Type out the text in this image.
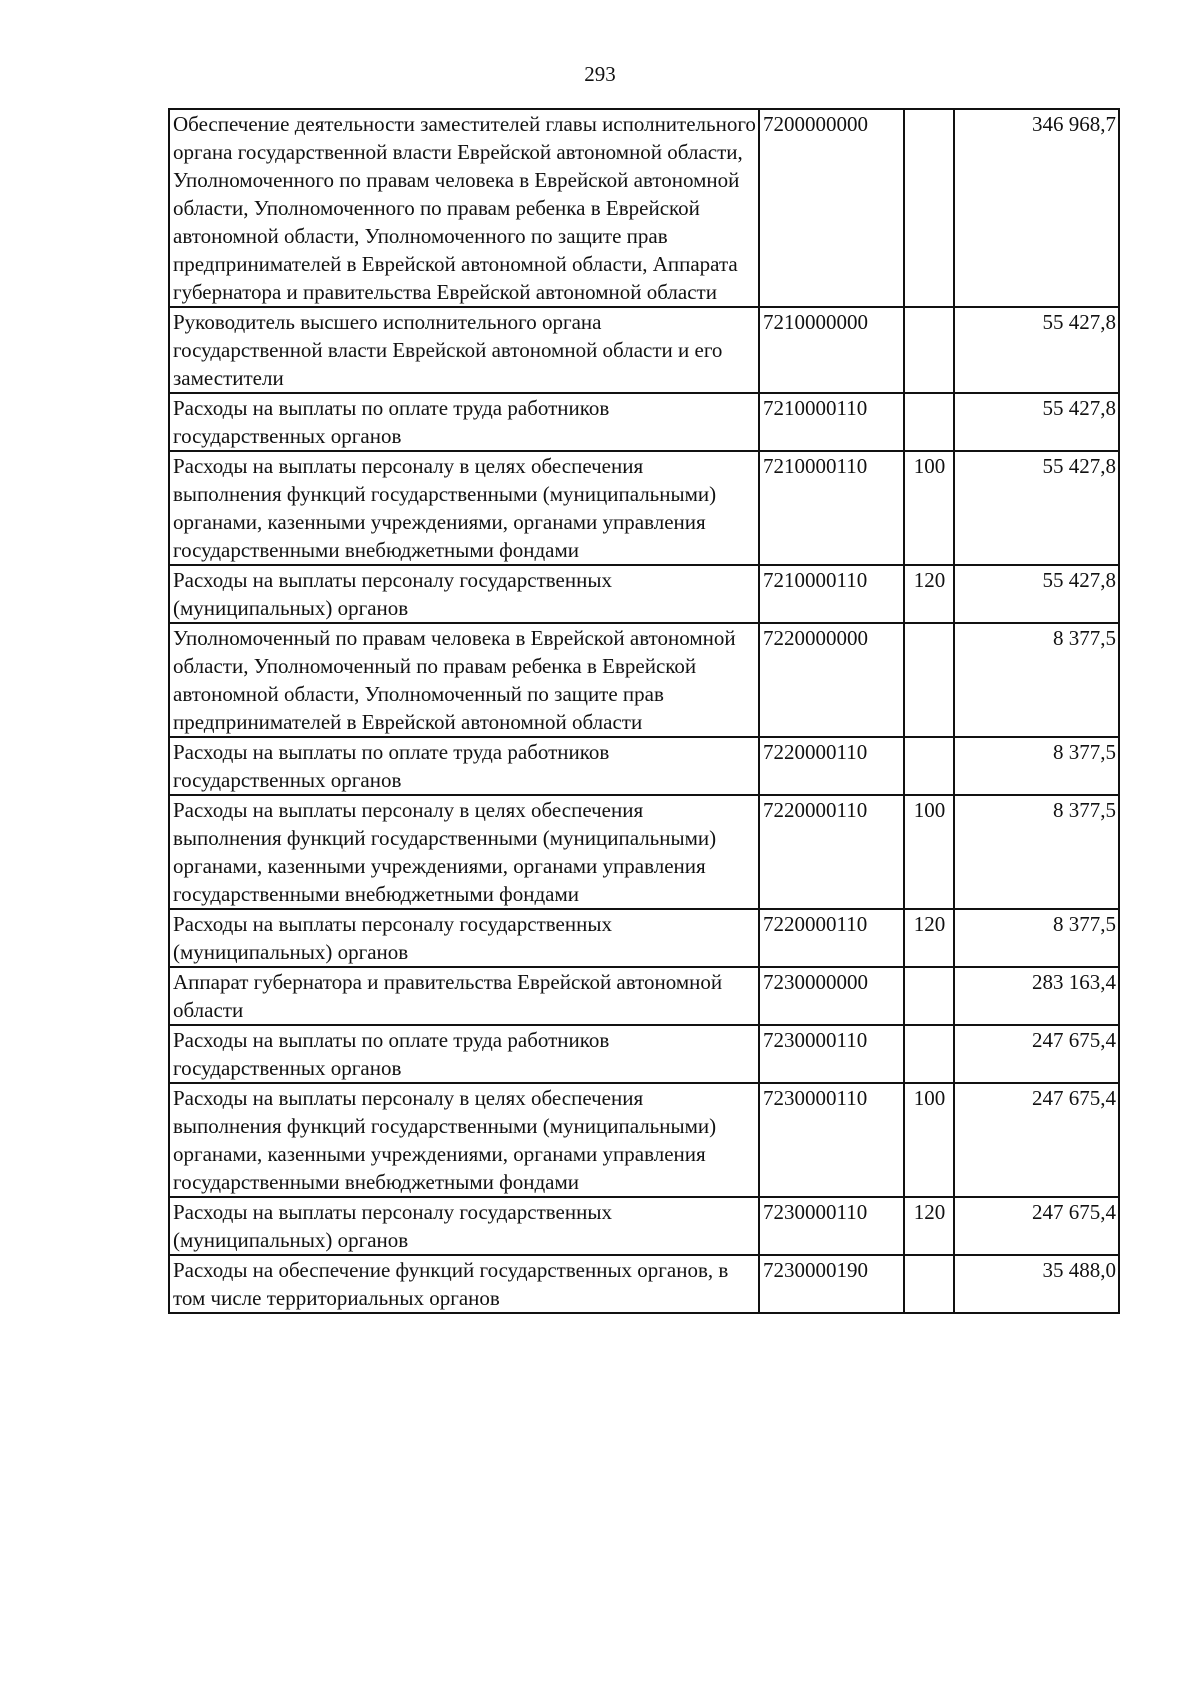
293
Обеспечение деятельности заместителей главы исполнительного органа государственной власти Еврейской автономной области, Уполномоченного по правам человека в Еврейской автономной области, Уполномоченного по правам ребенка в Еврейской автономной области, Уполномоченного по защите прав предпринимателей в Еврейской автономной области, Аппарата губернатора и правительства Еврейской автономной области	7200000000		346 968,7
Руководитель высшего исполнительного органа государственной власти Еврейской автономной области и его заместители	7210000000		55 427,8
Расходы на выплаты по оплате труда работников государственных органов	7210000110		55 427,8
Расходы на выплаты персоналу в целях обеспечения выполнения функций государственными (муниципальными) органами, казенными учреждениями, органами управления государственными внебюджетными фондами	7210000110	100	55 427,8
Расходы на выплаты персоналу государственных (муниципальных) органов	7210000110	120	55 427,8
Уполномоченный по правам человека в Еврейской автономной области, Уполномоченный по правам ребенка в Еврейской автономной области, Уполномоченный по защите прав предпринимателей в Еврейской автономной области	7220000000		8 377,5
Расходы на выплаты по оплате труда работников государственных органов	7220000110		8 377,5
Расходы на выплаты персоналу в целях обеспечения выполнения функций государственными (муниципальными) органами, казенными учреждениями, органами управления государственными внебюджетными фондами	7220000110	100	8 377,5
Расходы на выплаты персоналу государственных (муниципальных) органов	7220000110	120	8 377,5
Аппарат губернатора и правительства Еврейской автономной области	7230000000		283 163,4
Расходы на выплаты по оплате труда работников государственных органов	7230000110		247 675,4
Расходы на выплаты персоналу в целях обеспечения выполнения функций государственными (муниципальными) органами, казенными учреждениями, органами управления государственными внебюджетными фондами	7230000110	100	247 675,4
Расходы на выплаты персоналу государственных (муниципальных) органов	7230000110	120	247 675,4
Расходы на обеспечение функций государственных органов, в том числе территориальных органов	7230000190		35 488,0
